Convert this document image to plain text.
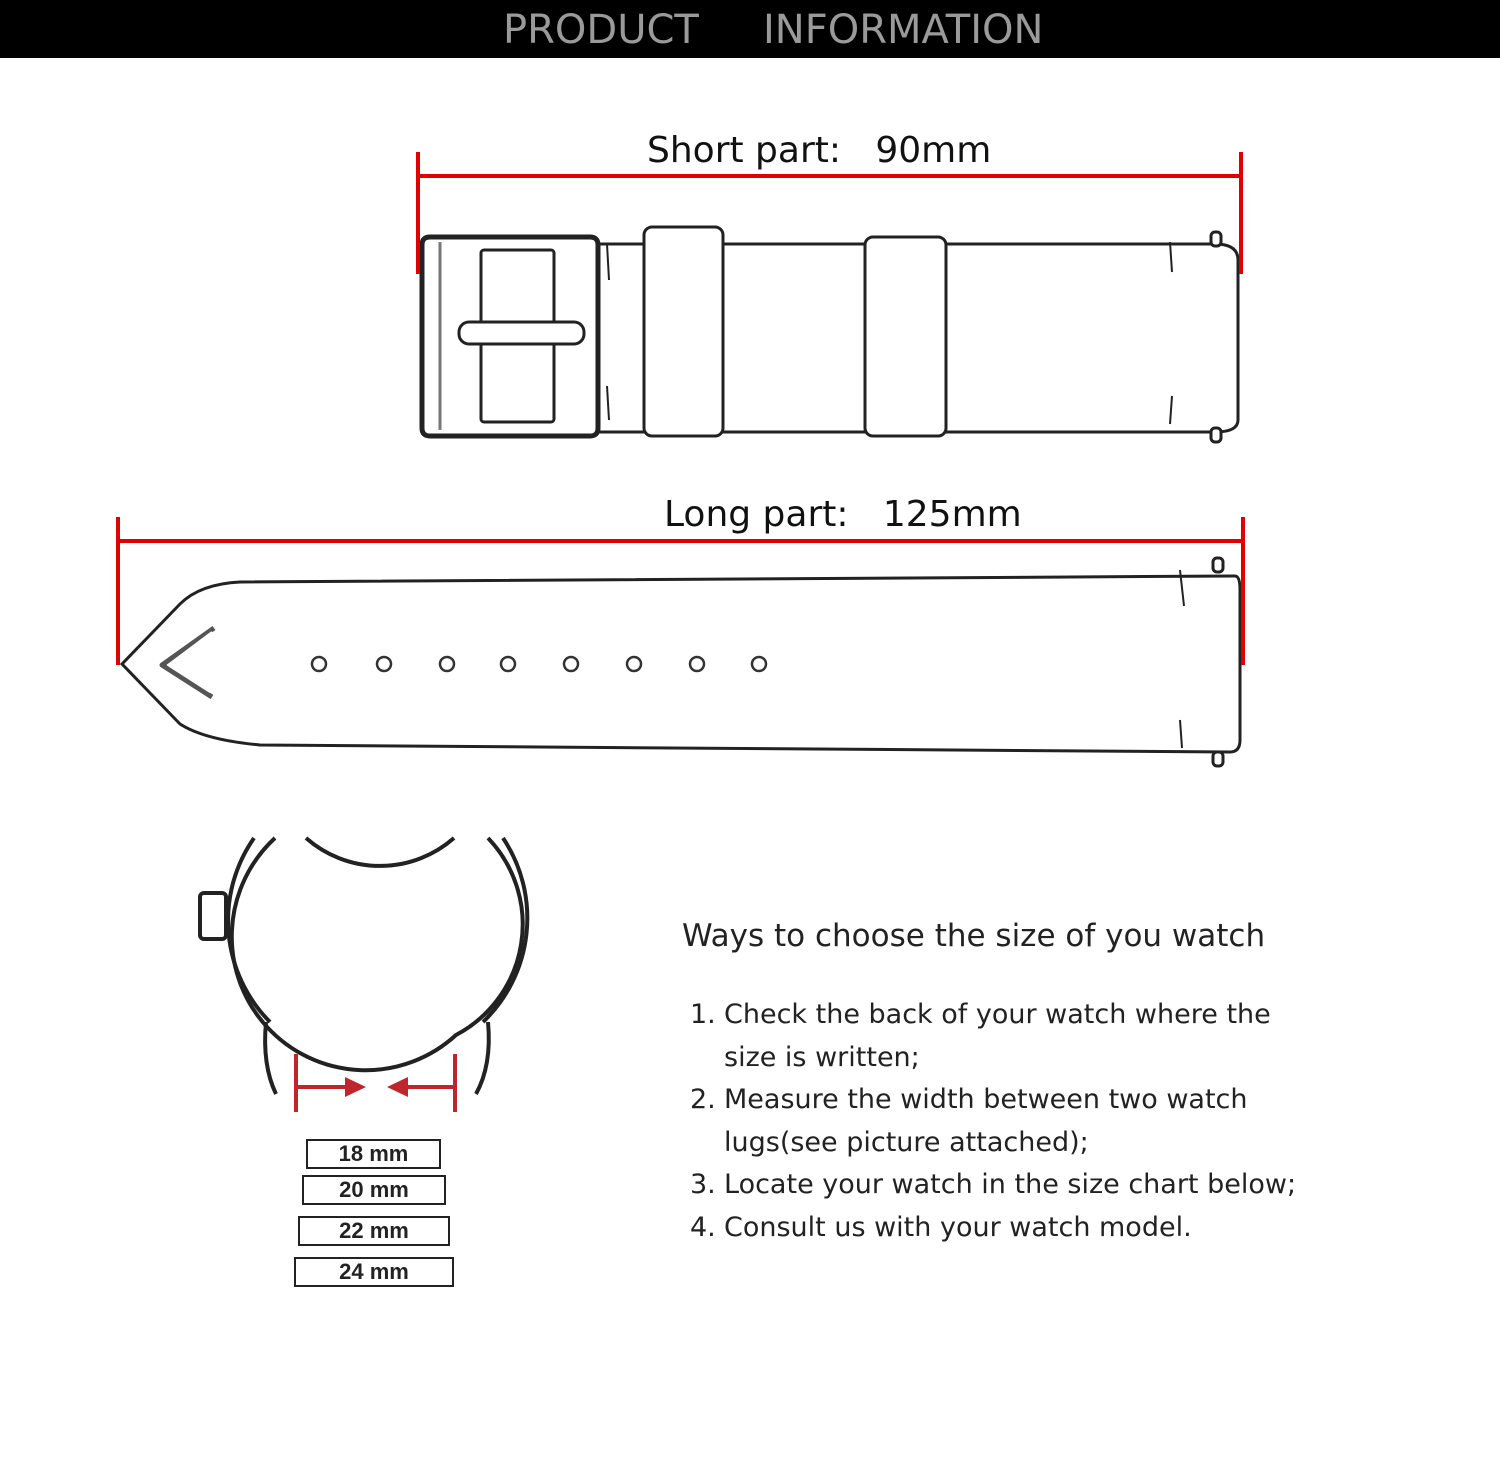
PRODUCT INFORMATION
Short part: 90mm
Long part: 125mm
18 mm
20 mm
22 mm
24 mm
Ways to choose the size of you watch
1. Check the back of your watch where the
size is written;
2. Measure the width between two watch
lugs(see picture attached);
3. Locate your watch in the size chart below;
4. Consult us with your watch model.
